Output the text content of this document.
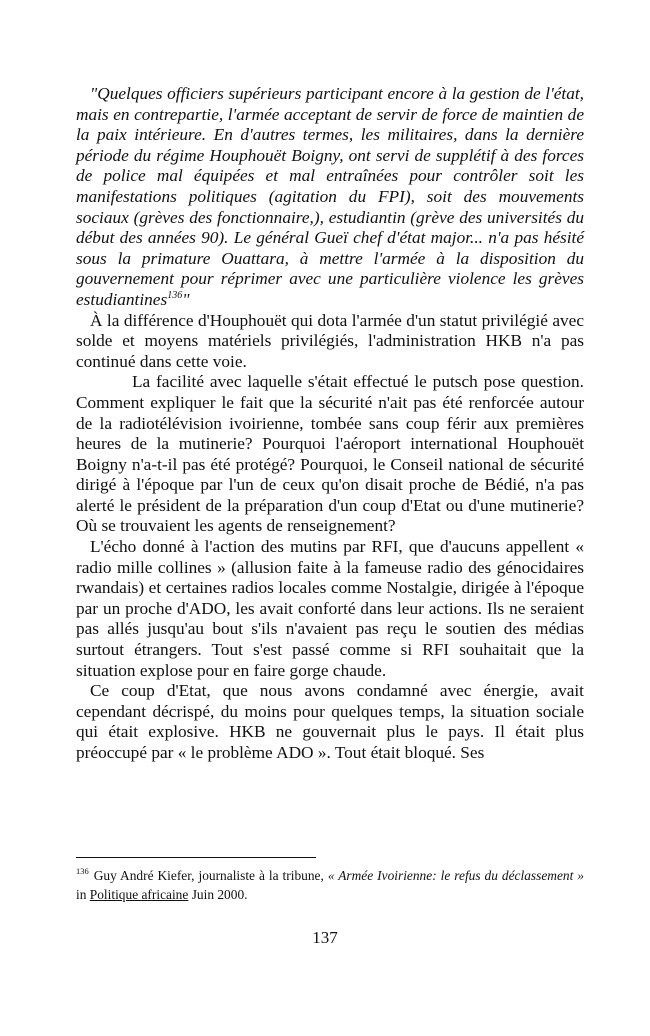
"Quelques officiers supérieurs participant encore à la gestion de l'état, mais en contrepartie, l'armée acceptant de servir de force de maintien de la paix intérieure. En d'autres termes, les militaires, dans la dernière période du régime Houphouët Boigny, ont servi de supplétif à des forces de police mal équipées et mal entraînées pour contrôler soit les manifestations politiques (agitation du FPI), soit des mouvements sociaux (grèves des fonctionnaire,), estudiantin (grève des universités du début des années 90). Le général Gueï chef d'état major... n'a pas hésité sous la primature Ouattara, à mettre l'armée à la disposition du gouvernement pour réprimer avec une particulière violence les grèves estudiantines$^{136}$"

À la différence d'Houphouët qui dota l'armée d'un statut privilégié avec solde et moyens matériels privilégiés, l'administration HKB n'a pas continué dans cette voie.

La facilité avec laquelle s'était effectué le putsch pose question. Comment expliquer le fait que la sécurité n'ait pas été renforcée autour de la radiotélévision ivoirienne, tombée sans coup férir aux premières heures de la mutinerie? Pourquoi l'aéroport international Houphouët Boigny n'a-t-il pas été protégé? Pourquoi, le Conseil national de sécurité dirigé à l'époque par l'un de ceux qu'on disait proche de Bédié, n'a pas alerté le président de la préparation d'un coup d'Etat ou d'une mutinerie? Où se trouvaient les agents de renseignement?

L'écho donné à l'action des mutins par RFI, que d'aucuns appellent « radio mille collines » (allusion faite à la fameuse radio des génocidaires rwandais) et certaines radios locales comme Nostalgie, dirigée à l'époque par un proche d'ADO, les avait conforté dans leur actions. Ils ne seraient pas allés jusqu'au bout s'ils n'avaient pas reçu le soutien des médias surtout étrangers. Tout s'est passé comme si RFI souhaitait que la situation explose pour en faire gorge chaude.

Ce coup d'Etat, que nous avons condamné avec énergie, avait cependant décrispé, du moins pour quelques temps, la situation sociale qui était explosive. HKB ne gouvernait plus le pays. Il était plus préoccupé par « le problème ADO ». Tout était bloqué. Ses

$^{136}$ Guy André Kiefer, journaliste à la tribune, « Armée Ivoirienne: le refus du déclassement » in Politique africaine Juin 2000.
137
